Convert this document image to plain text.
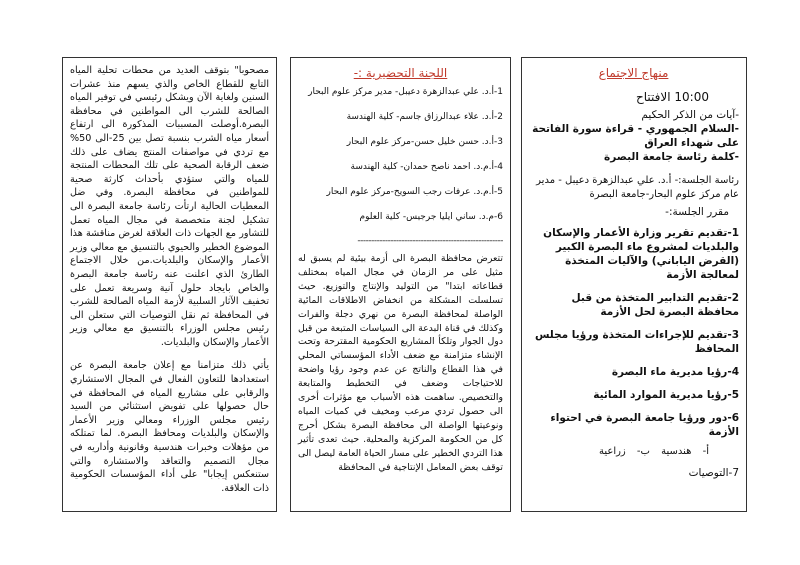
مصحوبا" بتوقف العديد من محطات تحلية المياه التابع للقطاع الخاص والذي يسهم منذ عشرات السنين ولغاية الآن ويشكل رئيسي في توفير المياه الصالحة للشرب الى المواطنين في محافظة البصرة.أوصلت المسببات المذكورة الى ارتفاع أسعار مياه الشرب بنسبة تصل بين 25-الى 50% مع تردي في مواصفات المنتج يضاف على ذلك ضعف الرقابة الصحية على تلك المحطات المنتجة للمياه والتي ستؤدي بأحداث كارثة صحية للمواطنين في محافظة البصرة. وفي ضل المعطيات الحالية ارتأت رئاسة جامعة البصرة الى تشكيل لجنة متخصصة في مجال المياه تعمل للتشاور مع الجهات ذات العلاقة لغرض مناقشة هذا الموضوع الخطير والحيوي بالتنسيق مع معالي وزير الأعمار والإسكان والبلديات.من خلال الاجتماع الطارئ الذي اعلنت عنه رئاسة جامعة البصرة والخاص بايجاد حلول آنية وسريعة تعمل على تخفيف الآثار السلبية لأزمة المياه الصالحة للشرب في المحافظة ثم نقل التوصيات التي ستعلن الى رئيس مجلس الوزراء بالتنسيق مع معالي وزير الأعمار والإسكان والبلديات.

يأتي ذلك متزامنا مع إعلان جامعة البصرة عن استعدادها للتعاون الفعال في المجال الاستشاري والرقابي على مشاريع المياه في المحافظة في حال حصولها على تفويض استثنائي من السيد رئيس مجلس الوزراء ومعالي وزير الأعمار والإسكان والبلديات ومحافظ البصرة. لما تمتلكه من مؤهلات وخبرات هندسية وقانونية وأداريه في مجال التصميم والتعاقد والاستشارة والتي ستنعكس إيجابا" على أداء المؤسسات الحكومية ذات العلاقة.

اللجنة التحضيرية :-

1-أ.د. علي عبدالزهرة دعيبل- مدير مركز علوم البحار

2-أ.د. علاء عبدالرزاق جاسم- كلية الهندسة

3-أ.د. حسن خليل حسن-مركز علوم البحار

4-أ.م.د. احمد ناصح حمدان- كلية الهندسة

5-أ.م.د. عرفات رجب السويح-مركز علوم البحار

6-م.د. ساني ايليا جرجيس- كلية العلوم

-----------------------------------------------------

تتعرض محافظة البصرة الى أزمة بيئية لم يسبق له مثيل على مر الزمان في مجال المياه بمختلف قطاعاته ابتدا" من التوليد والإنتاج والتوزيع. حيث تسلسلت المشكلة من انخفاض الاطلاقات المائية الواصلة لمحافظة البصرة من نهري دجلة والفرات وكذلك في قناة البدعة الى السياسات المتبعة من قبل دول الجوار وتلكأ المشاريع الحكومية المقترحة وتحت الإنشاء متزامنة مع ضعف الأداء المؤسساتي المحلي في هذا القطاع والناتج عن عدم وجود رؤيا واضحة للاحتياجات وضعف في التخطيط والمتابعة والتخصيص. ساهمت هذه الأسباب مع مؤثرات أخرى الى حصول تردي مرعب ومخيف في كميات المياه ونوعيتها الواصلة الى محافظة البصرة بشكل أحرج كل من الحكومة المركزية والمحلية. حيث تعدى تأثير هذا التردي الخطير على مسار الحياة العامة ليصل الى توقف بعض المعامل الإنتاجية في المحافظة

منهاج الاجتماع
10:00 الافتتاح

-آيات من الذكر الحكيم

-السلام الجمهوري - قراءة سورة الفاتحة على شهداء العراق

-كلمة رئاسة جامعة البصرة

رئاسة الجلسة:- أ.د. علي عبدالزهرة دعيبل - مدير عام مركز علوم البحار-جامعة البصرة

مقرر الجلسة:-

1-تقديم تقرير وزارة الأعمار والإسكان والبلديات لمشروع ماء البصرة الكبير (القرض الياباني) والآليات المتخذة لمعالجة الأزمة

2-تقديم التدابير المتخذة من قبل محافظة البصرة لحل الأزمة

3-تقديم للإجراءات المتخذة ورؤيا مجلس المحافظ

4-رؤيا مديرية ماء البصرة

5-رؤيا مديرية الموارد المائية

6-دور ورؤيا جامعة البصرة في احتواء الأزمة

أ- هندسية ب- زراعية

7-التوصيات
